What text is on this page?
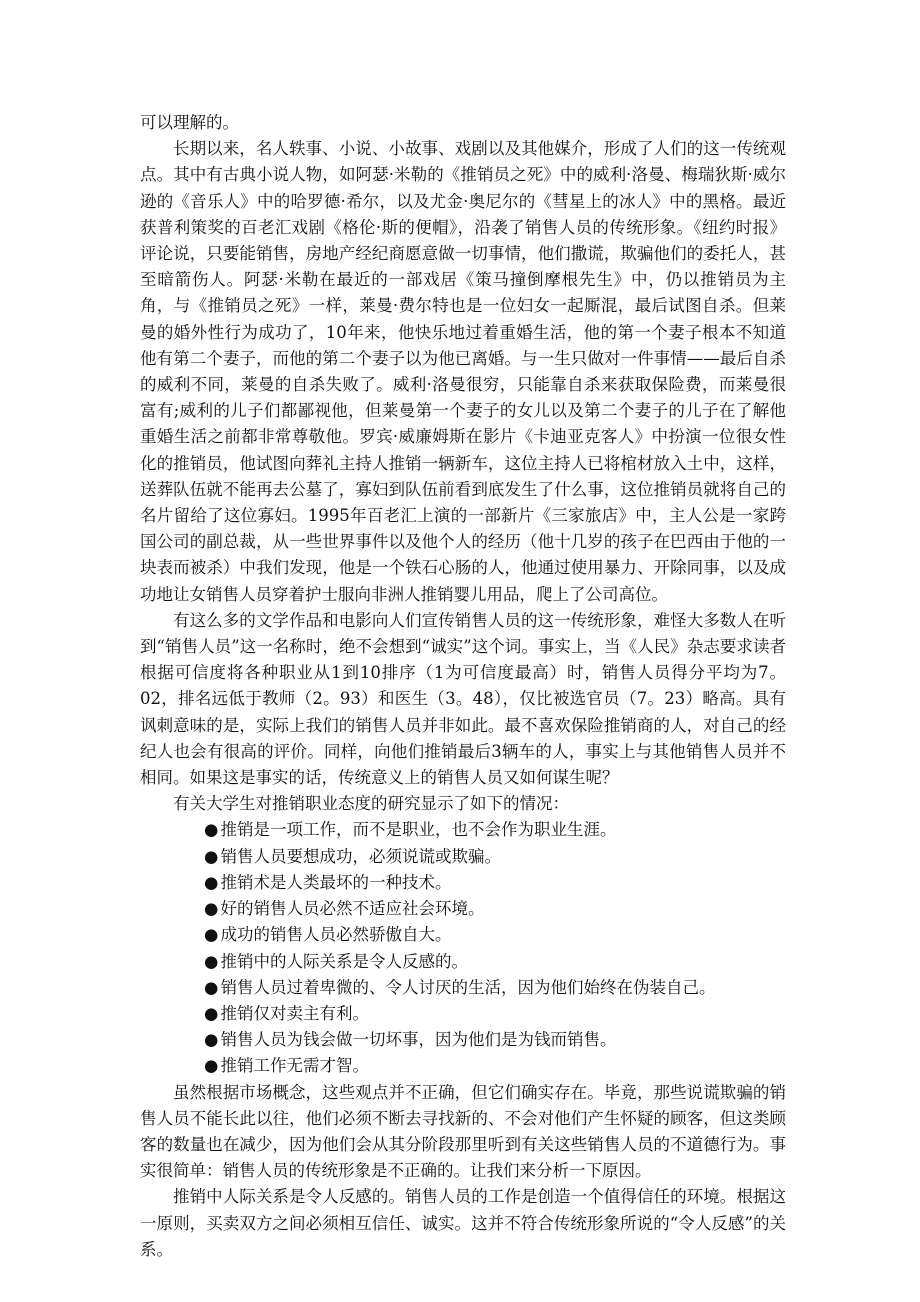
可以理解的。

长期以来，名人轶事、小说、小故事、戏剧以及其他媒介，形成了人们的这一传统观点。其中有古典小说人物，如阿瑟·米勒的《推销员之死》中的威利·洛曼、梅瑞狄斯·威尔逊的《音乐人》中的哈罗德·希尔，以及尤金·奥尼尔的《彗星上的冰人》中的黑格。最近获普利策奖的百老汇戏剧《格伦·斯的便帽》，沿袭了销售人员的传统形象。《纽约时报》评论说，只要能销售，房地产经纪商愿意做一切事情，他们撒谎，欺骗他们的委托人，甚至暗箭伤人。阿瑟·米勒在最近的一部戏居《策马撞倒摩根先生》中，仍以推销员为主角，与《推销员之死》一样，莱曼·费尔特也是一位妇女一起厮混，最后试图自杀。但莱曼的婚外性行为成功了，10年来，他快乐地过着重婚生活，他的第一个妻子根本不知道他有第二个妻子，而他的第二个妻子以为他已离婚。与一生只做对一件事情——最后自杀的威利不同，莱曼的自杀失败了。威利·洛曼很穷，只能靠自杀来获取保险费，而莱曼很富有;威利的儿子们都鄙视他，但莱曼第一个妻子的女儿以及第二个妻子的儿子在了解他重婚生活之前都非常尊敬他。罗宾·威廉姆斯在影片《卡迪亚克客人》中扮演一位很女性化的推销员，他试图向葬礼主持人推销一辆新车，这位主持人已将棺材放入土中，这样，送葬队伍就不能再去公墓了，寡妇到队伍前看到底发生了什么事，这位推销员就将自己的名片留给了这位寡妇。1995年百老汇上演的一部新片《三家旅店》中，主人公是一家跨国公司的副总裁，从一些世界事件以及他个人的经历（他十几岁的孩子在巴西由于他的一块表而被杀）中我们发现，他是一个铁石心肠的人，他通过使用暴力、开除同事，以及成功地让女销售人员穿着护士服向非洲人推销婴儿用品，爬上了公司高位。

有这么多的文学作品和电影向人们宣传销售人员的这一传统形象，难怪大多数人在听到“销售人员”这一名称时，绝不会想到“诚实”这个词。事实上，当《人民》杂志要求读者根据可信度将各种职业从1到10排序（1为可信度最高）时，销售人员得分平均为7。02，排名远低于教师（2。93）和医生（3。48），仅比被选官员（7。23）略高。具有讽刺意味的是，实际上我们的销售人员并非如此。最不喜欢保险推销商的人，对自己的经纪人也会有很高的评价。同样，向他们推销最后3辆车的人，事实上与其他销售人员并不相同。如果这是事实的话，传统意义上的销售人员又如何谋生呢？

有关大学生对推销职业态度的研究显示了如下的情况：

● 推销是一项工作，而不是职业，也不会作为职业生涯。
● 销售人员要想成功，必须说谎或欺骗。
● 推销术是人类最坏的一种技术。
● 好的销售人员必然不适应社会环境。
● 成功的销售人员必然骄傲自大。
● 推销中的人际关系是令人反感的。
● 销售人员过着卑微的、令人讨厌的生活，因为他们始终在伪装自己。
● 推销仅对卖主有利。
● 销售人员为钱会做一切坏事，因为他们是为钱而销售。
● 推销工作无需才智。

虽然根据市场概念，这些观点并不正确，但它们确实存在。毕竟，那些说谎欺骗的销售人员不能长此以往，他们必须不断去寻找新的、不会对他们产生怀疑的顾客，但这类顾客的数量也在减少，因为他们会从其分阶段那里听到有关这些销售人员的不道德行为。事实很简单：销售人员的传统形象是不正确的。让我们来分析一下原因。

推销中人际关系是令人反感的。销售人员的工作是创造一个值得信任的环境。根据这一原则，买卖双方之间必须相互信任、诚实。这并不符合传统形象所说的“令人反感”的关系。
